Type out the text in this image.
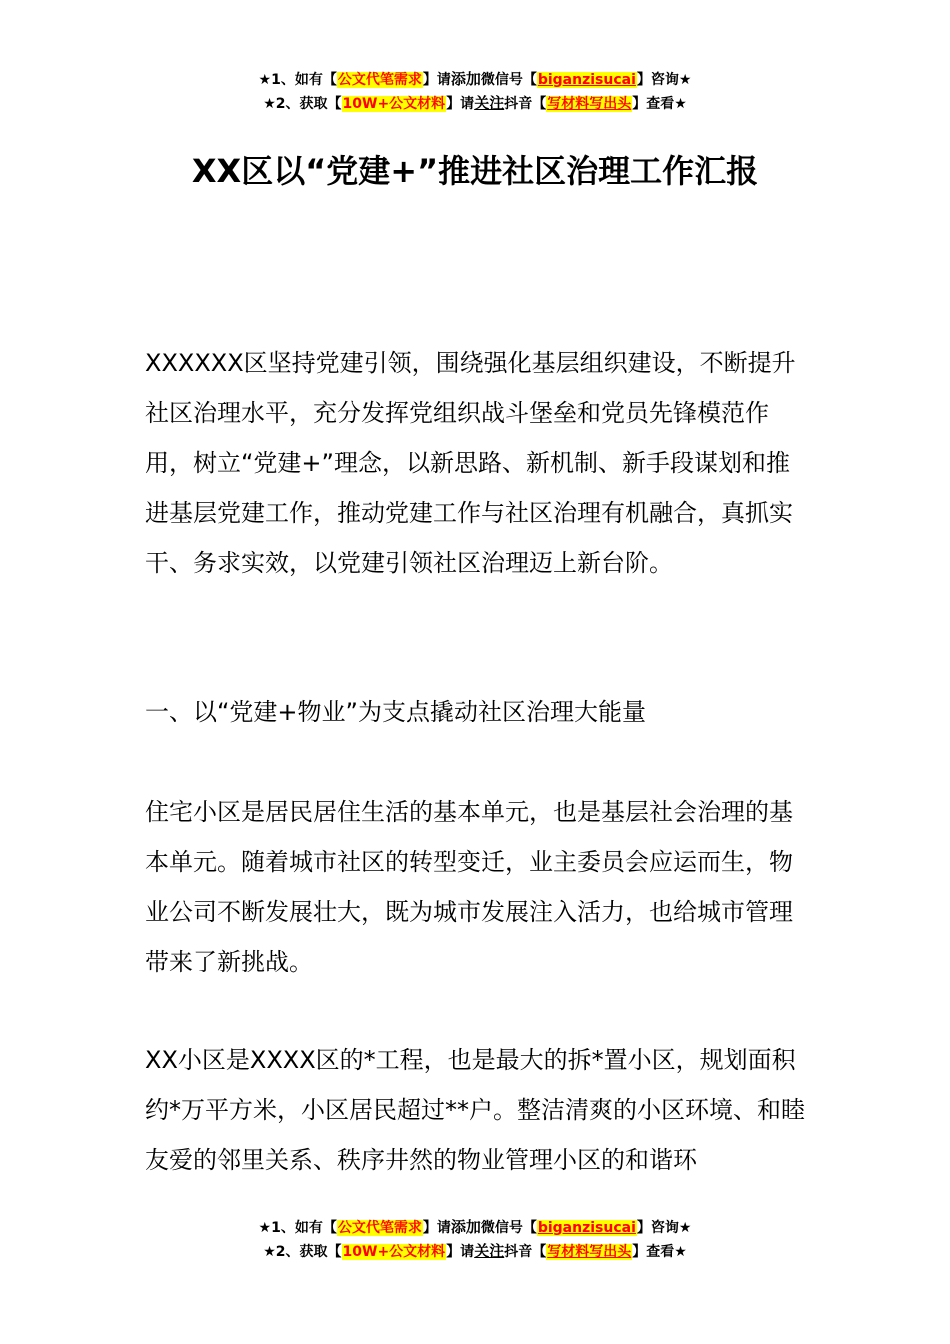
★1、如有【公文代笔需求】请添加微信号【biganzisucai】咨询★
★2、获取【10W+公文材料】请关注抖音【写材料写出头】查看★
XX区以“党建+”推进社区治理工作汇报

XXXXXX区坚持党建引领，围绕强化基层组织建设，不断提升社区治理水平，充分发挥党组织战斗堡垒和党员先锋模范作用，树立“党建+”理念，以新思路、新机制、新手段谋划和推进基层党建工作，推动党建工作与社区治理有机融合，真抓实干、务求实效，以党建引领社区治理迈上新台阶。

一、以“党建+物业”为支点撬动社区治理大能量

住宅小区是居民居住生活的基本单元，也是基层社会治理的基本单元。随着城市社区的转型变迁，业主委员会应运而生，物业公司不断发展壮大，既为城市发展注入活力，也给城市管理带来了新挑战。

XX小区是XXXX区的*工程，也是最大的拆*置小区，规划面积约*万平方米，小区居民超过**户。整洁清爽的小区环境、和睦友爱的邻里关系、秩序井然的物业管理小区的和谐环

★1、如有【公文代笔需求】请添加微信号【biganzisucai】咨询★
★2、获取【10W+公文材料】请关注抖音【写材料写出头】查看★
